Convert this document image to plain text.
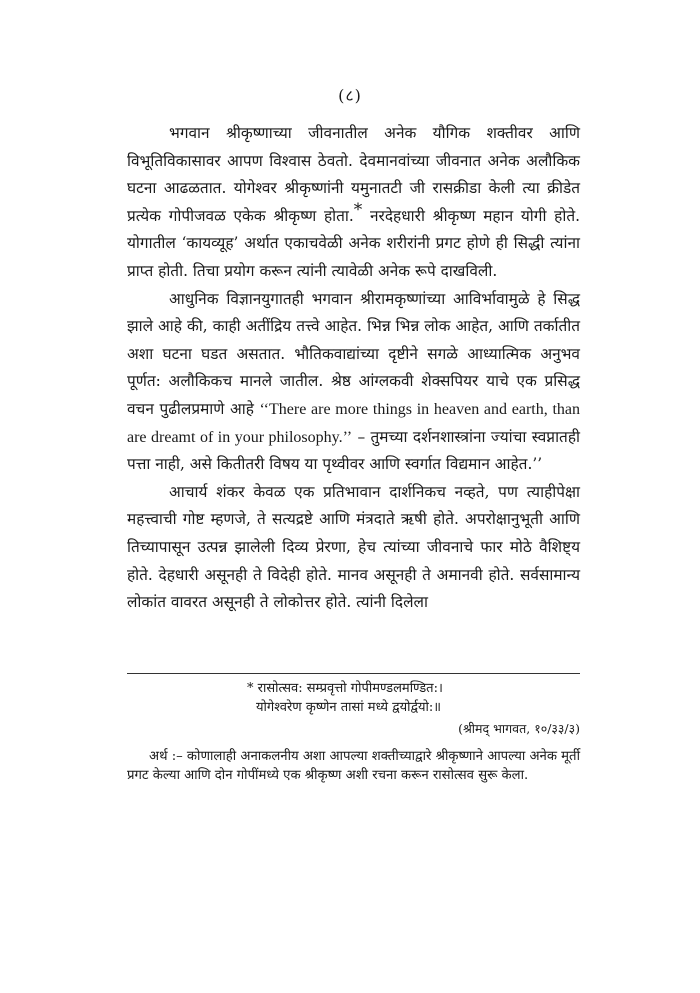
(८)

भगवान श्रीकृष्णाच्या जीवनातील अनेक यौगिक शक्तीवर आणि विभूतिविकासावर आपण विश्वास ठेवतो. देवमानवांच्या जीवनात अनेक अलौकिक घटना आढळतात. योगेश्वर श्रीकृष्णांनी यमुनातटी जी रासक्रीडा केली त्या क्रीडेत प्रत्येक गोपीजवळ एकेक श्रीकृष्ण होता.* नरदेहधारी श्रीकृष्ण महान योगी होते. योगातील ‘कायव्यूह’ अर्थात एकाचवेळी अनेक शरीरांनी प्रगट होणे ही सिद्धी त्यांना प्राप्त होती. तिचा प्रयोग करून त्यांनी त्यावेळी अनेक रूपे दाखविली.

आधुनिक विज्ञानयुगातही भगवान श्रीरामकृष्णांच्या आविर्भावामुळे हे सिद्ध झाले आहे की, काही अतींद्रिय तत्त्वे आहेत. भिन्न भिन्न लोक आहेत, आणि तर्कातीत अशा घटना घडत असतात. भौतिकवाद्यांच्या दृष्टीने सगळे आध्यात्मिक अनुभव पूर्णत: अलौकिकच मानले जातील. श्रेष्ठ आंग्लकवी शेक्सपियर याचे एक प्रसिद्ध वचन पुढीलप्रमाणे आहे ‘‘There are more things in heaven and earth, than are dreamt of in your philosophy.’’ – तुमच्या दर्शनशास्त्रांना ज्यांचा स्वप्नातही पत्ता नाही, असे कितीतरी विषय या पृथ्वीवर आणि स्वर्गात विद्यमान आहेत.’’

आचार्य शंकर केवळ एक प्रतिभावान दार्शनिकच नव्हते, पण त्याहीपेक्षा महत्त्वाची गोष्ट म्हणजे, ते सत्यद्रष्टे आणि मंत्रदाते ऋषी होते. अपरोक्षानुभूती आणि तिच्यापासून उत्पन्न झालेली दिव्य प्रेरणा, हेच त्यांच्या जीवनाचे फार मोठे वैशिष्ट्य होते. देहधारी असूनही ते विदेही होते. मानव असूनही ते अमानवी होते. सर्वसामान्य लोकांत वावरत असूनही ते लोकोत्तर होते. त्यांनी दिलेला

* रासोत्सव: सम्प्रवृत्तो गोपीमण्डलमण्डित:।
योगेश्वरेण कृष्णेन तासां मध्ये द्वयोर्द्वयो:॥
(श्रीमद् भागवत, १०/३३/३)

अर्थ :– कोणालाही अनाकलनीय अशा आपल्या शक्तीच्याद्वारे श्रीकृष्णाने आपल्या अनेक मूर्ती प्रगट केल्या आणि दोन गोपींमध्ये एक श्रीकृष्ण अशी रचना करून रासोत्सव सुरू केला.
